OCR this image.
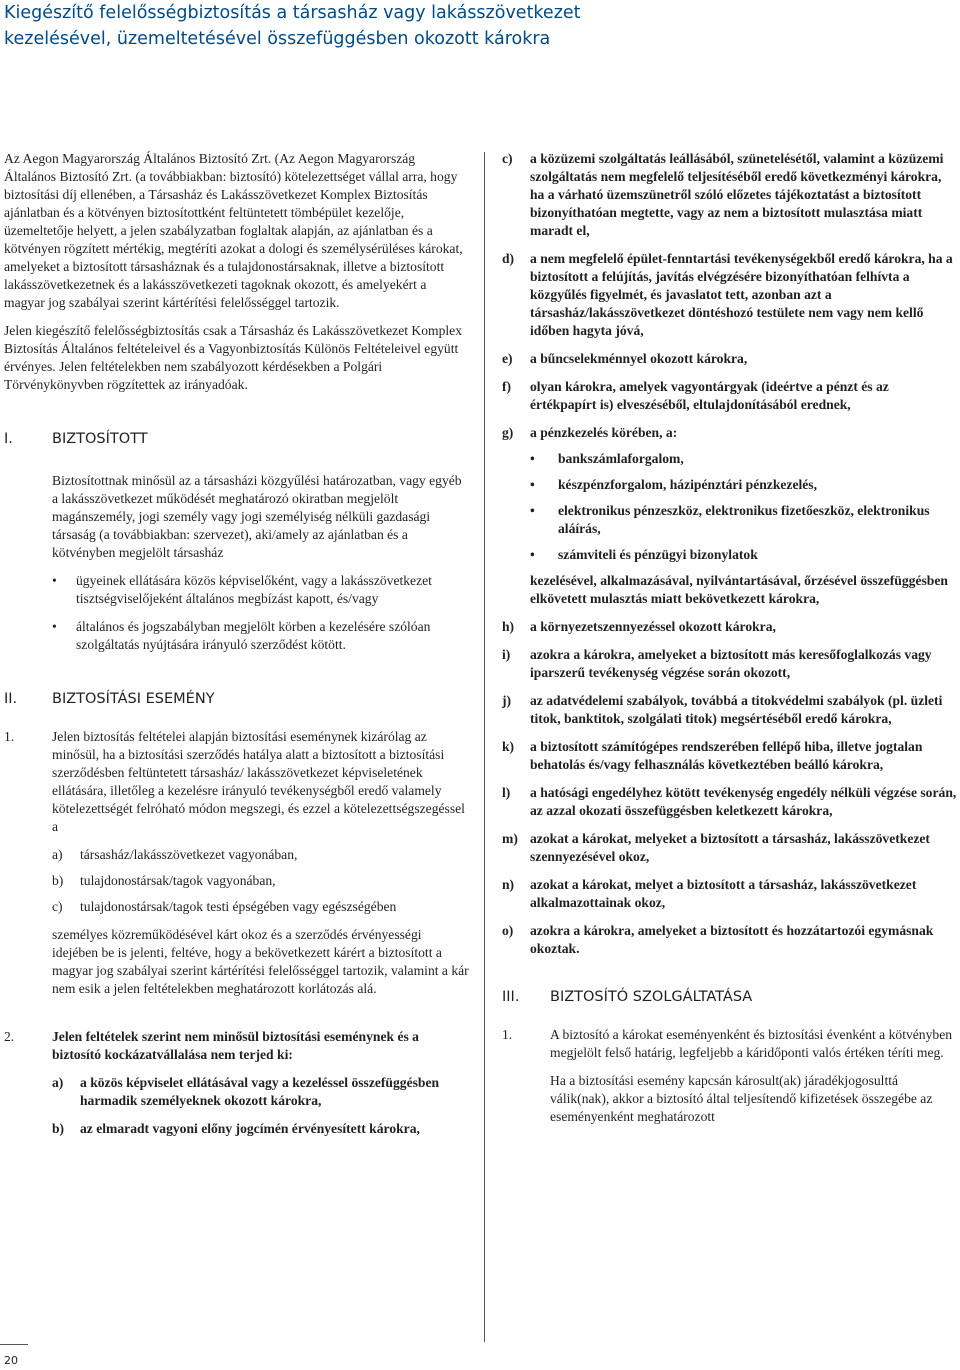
Kiegészítő felelősségbiztosítás a társasház vagy lakásszövetkezet
kezelésével, üzemeltetésével összefüggésben okozott károkra

Az Aegon Magyarország Általános Biztosító Zrt. (Az Aegon Magyarország Általános Biztosító Zrt. (a továbbiakban: biztosító) kötelezettséget vállal arra, hogy biztosítási díj ellenében, a Társasház és Lakásszövetkezet Komplex Biztosítás ajánlatban és a kötvényen biztosítottként feltüntetett tömbépület kezelője, üzemeltetője helyett, a jelen szabályzatban foglaltak alapján, az ajánlatban és a kötvényen rögzített mértékig, megtéríti azokat a dologi és személysérüléses károkat, amelyeket a biztosított társasháznak és a tulajdonostársaknak, illetve a biztosított lakásszövetkezetnek és a lakásszövetkezeti tagoknak okozott, és amelyekért a magyar jog szabályai szerint kártérítési felelősséggel tartozik.

Jelen kiegészítő felelősségbiztosítás csak a Társasház és Lakásszövetkezet Komplex Biztosítás Általános feltételeivel és a Vagyonbiztosítás Különös Feltételeivel együtt érvényes. Jelen feltételekben nem szabályozott kérdésekben a Polgári Törvénykönyvben rögzítettek az irányadóak.

I.	BIZTOSÍTOTT

Biztosítottnak minősül az a társasházi közgyűlési határozatban, vagy egyéb a lakásszövetkezet működését meghatározó okiratban megjelölt magánszemély, jogi személy vagy jogi személyiség nélküli gazdasági társaság (a továbbiakban: szervezet), aki/amely az ajánlatban és a kötvényben megjelölt társasház

•	ügyeinek ellátására közös képviselőként, vagy a lakásszövetkezet tisztségviselőjeként általános megbízást kapott, és/vagy
•	általános és jogszabályban megjelölt körben a kezelésére szólóan szolgáltatás nyújtására irányuló szerződést kötött.
II.	BIZTOSÍTÁSI ESEMÉNY
1.	Jelen biztosítás feltételei alapján biztosítási eseménynek kizárólag az minősül, ha a biztosítási szerződés hatálya alatt a biztosított a biztosítási szerződésben feltüntetett társasház/ lakásszövetkezet képviseletének ellátására, illetőleg a kezelésre irányuló tevékenységből eredő valamely kötelezettségét felróható módon megszegi, és ezzel a kötelezettségszegéssel a
a)	társasház/lakásszövetkezet vagyonában,
b)	tulajdonostársak/tagok vagyonában,
c)	tulajdonostársak/tagok testi épségében vagy egészségében

személyes közreműködésével kárt okoz és a szerződés érvényességi idejében be is jelenti, feltéve, hogy a bekövetkezett kárért a biztosított a magyar jog szabályai szerint kártérítési felelősséggel tartozik, valamint a kár nem esik a jelen feltételekben meghatározott korlátozás alá.

2.	Jelen feltételek szerint nem minősül biztosítási eseménynek és a biztosító kockázatvállalása nem terjed ki:
a)	a közös képviselet ellátásával vagy a kezeléssel összefüggésben harmadik személyeknek okozott károkra,
b)	az elmaradt vagyoni előny jogcímén érvényesített károkra,
c)	a közüzemi szolgáltatás leállásából, szünetelésétől, valamint a közüzemi szolgáltatás nem megfelelő teljesítéséből eredő következményi károkra, ha a várható üzemszünetről szóló előzetes tájékoztatást a biztosított bizonyíthatóan megtette, vagy az nem a biztosított mulasztása miatt maradt el,
d)	a nem megfelelő épület-fenntartási tevékenységekből eredő károkra, ha a biztosított a felújítás, javítás elvégzésére bizonyíthatóan felhívta a közgyűlés figyelmét, és javaslatot tett, azonban azt a társasház/lakásszövetkezet döntéshozó testülete nem vagy nem kellő időben hagyta jóvá,
e)	a bűncselekménnyel okozott károkra,
f)	olyan károkra, amelyek vagyontárgyak (ideértve a pénzt és az értékpapírt is) elveszéséből, eltulajdonításából erednek,
g)	a pénzkezelés körében, a:
•	bankszámlaforgalom,
•	készpénzforgalom, házipénztári pénzkezelés,
•	elektronikus pénzeszköz, elektronikus fizetőeszköz, elektronikus aláírás,
•	számviteli és pénzügyi bizonylatok

kezelésével, alkalmazásával, nyilvántartásával, őrzésével összefüggésben elkövetett mulasztás miatt bekövetkezett károkra,

h)	a környezetszennyezéssel okozott károkra,
i)	azokra a károkra, amelyeket a biztosított más keresőfoglalkozás vagy iparszerű tevékenység végzése során okozott,
j)	az adatvédelemi szabályok, továbbá a titokvédelmi szabályok (pl. üzleti titok, banktitok, szolgálati titok) megsértéséből eredő károkra,
k)	a biztosított számítógépes rendszerében fellépő hiba, illetve jogtalan behatolás és/vagy felhasználás következtében beálló károkra,
l)	a hatósági engedélyhez kötött tevékenység engedély nélküli végzése során, az azzal okozati összefüggésben keletkezett károkra,
m) azokat a károkat, melyeket a biztosított a társasház, lakásszövetkezet szennyezésével okoz,
n)	azokat a károkat, melyet a biztosított a társasház, lakásszövetkezet alkalmazottainak okoz,
o)	azokra a károkra, amelyeket a biztosított és hozzátartozói egymásnak okoztak.
III.	BIZTOSÍTÓ SZOLGÁLTATÁSA
1.	A biztosító a károkat eseményenként és biztosítási évenként a kötvényben megjelölt felső határig, legfeljebb a káridőponti valós értéken téríti meg.

Ha a biztosítási esemény kapcsán károsult(ak) járadékjogosulttá válik(nak), akkor a biztosító által teljesítendő kifizetések összegébe az eseményenként meghatározott

20
